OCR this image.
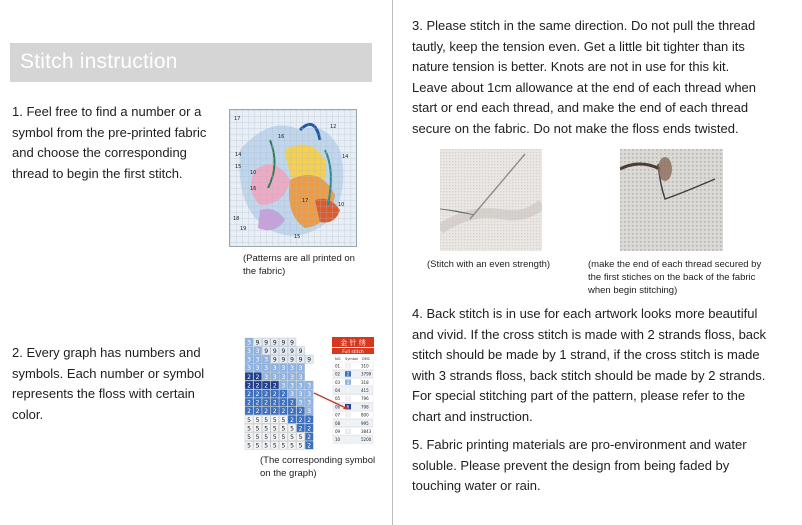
Stitch instruction

1. Feel free to find a number or a symbol from the pre-printed fabric and choose the corresponding thread to begin the first stitch.

17
16
14
15
10
17
16
14
12
18
19
10
15

(Patterns are all printed on the fabric)

2. Every graph has numbers and symbols. Each number or symbol represents the floss with certain color.

3 9 9 9 9 9
3 3 9 9 9 9 9
3 3 3 9 9 9 9 9
3 3 3 3 3 3 3
2 2 3 3 3 3 3
2 2 2 2 3 3 3 3
2 2 2 2 2 3 3 3
2 2 2 2 2 2 3 3
2 2 2 2 2 2 2 3
5 5 5 5 5 2 2 2
5 5 5 5 5 5 2 2
5 5 5 5 5 5 5 2
5 5 5 5 5 5 5 2
金 针 绣
Full stitch
NO. Symbol DMC
01 1	310
02 2	3799
03 3	318
04 4	415
05 5	796
06 6	798
07 7	800
08 8	995
09 9	3843
10 5	5200

(The corresponding symbol on the graph)

3. Please stitch in the same direction. Do not pull the thread tautly, keep the tension even. Get a little bit tighter than its nature tension is better. Knots are not in use for this kit. Leave about 1cm allowance at the end of each thread when start or end each thread, and make the end of each thread secure on the fabric. Do not make the floss ends twisted.

(Stitch with an even strength)	(make the end of each thread secured by the first stiches on the back of the fabric when begin stitching)

4. Back stitch is in use for each artwork looks more beautiful and vivid. If the cross stitch is made with 2 strands floss, back stitch should be made by 1 strand, if the cross stitch is made with 3 strands floss, back stitch should be made by 2 strands. For special stitching part of the pattern, please refer to the chart and instruction.

5. Fabric printing materials are pro-environment and water soluble. Please prevent the design from being faded by touching water or rain.
